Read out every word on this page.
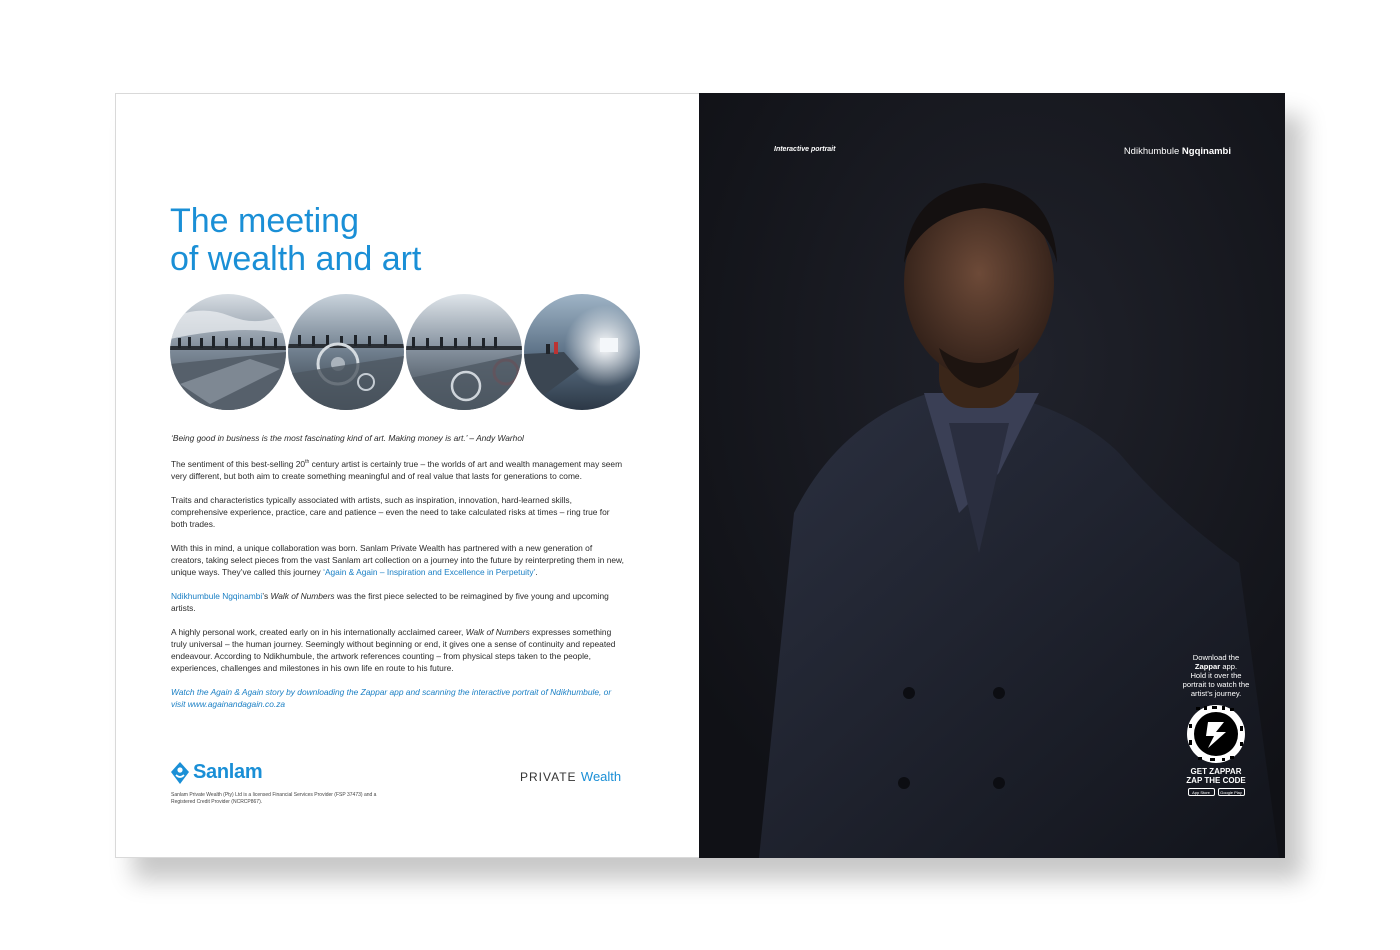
The meeting
of wealth and art

‘Being good in business is the most fascinating kind of art. Making money is art.’ – Andy Warhol

The sentiment of this best-selling 20th century artist is certainly true – the worlds of art and wealth management may seem very different, but both aim to create something meaningful and of real value that lasts for generations to come.

Traits and characteristics typically associated with artists, such as inspiration, innovation, hard-learned skills, comprehensive experience, practice, care and patience – even the need to take calculated risks at times – ring true for both trades.

With this in mind, a unique collaboration was born. Sanlam Private Wealth has partnered with a new generation of creators, taking select pieces from the vast Sanlam art collection on a journey into the future by reinterpreting them in new, unique ways. They’ve called this journey ‘Again & Again – Inspiration and Excellence in Perpetuity’.

Ndikhumbule Ngqinambi’s Walk of Numbers was the first piece selected to be reimagined by five young and upcoming artists.

A highly personal work, created early on in his internationally acclaimed career, Walk of Numbers expresses something truly universal – the human journey. Seemingly without beginning or end, it gives one a sense of continuity and repeated endeavour. According to Ndikhumbule, the artwork references counting – from physical steps taken to the people, experiences, challenges and milestones in his own life en route to his future.

Watch the Again & Again story by downloading the Zappar app and scanning the interactive portrait of Ndikhumbule, or visit www.againandagain.co.za

Sanlam	PRIVATE Wealth
Sanlam Private Wealth (Pty) Ltd is a licensed Financial Services Provider (FSP 37473) and a Registered Credit Provider (NCRCP867).
Interactive portrait	Ndikhumbule Ngqinambi
Download the
Zappar app.
Hold it over the portrait to watch the artist’s journey.
GET ZAPPAR
ZAP THE CODE
App Store	Google Play
